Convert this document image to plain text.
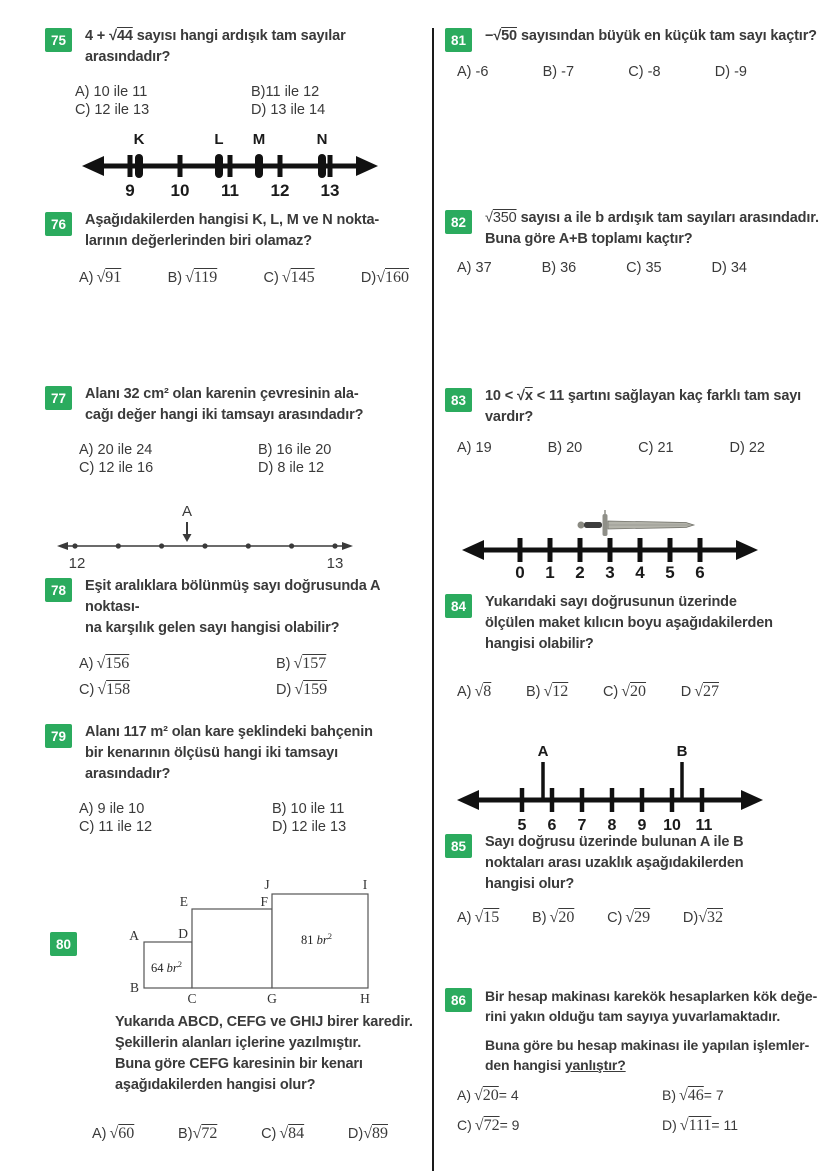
75	4 + √ 44 sayısı hangi ardışık tam sayılar arasındadır?
A) 10 ile 11	B)11 ile 12
C) 12 ile 13	D) 13 ile 14
K	L M	N
9 10 11 12 13
76	Aşağıdakilerden hangisi K, L, M ve N nokta-
larının değerlerinden biri olamaz?
A) √ 91	B) √ 119	C) √ 145	D) √ 160
77	Alanı 32 cm² olan karenin çevresinin ala-
cağı değer hangi iki tamsayı arasındadır?
A) 20 ile 24	B) 16 ile 20
C) 12 ile 16	D) 8 ile 12
A
12	13
78	Eşit aralıklara bölünmüş sayı doğrusunda A noktası-
na karşılık gelen sayı hangisi olabilir?
A) √ 156	B) √ 157
C) √ 158	D) √ 159
79	Alanı 117 m² olan kare şeklindeki bahçenin
bir kenarının ölçüsü hangi iki tamsayı
arasındadır?
A) 9 ile 10	B) 10 ile 11
C) 11 ile 12	D) 12 ile 13
A
B
C
D
E	F
G	H
I
J
64 $br^2$
81 $br^2$
80
Yukarıda ABCD, CEFG ve GHIJ birer karedir.
Şekillerin alanları içlerine yazılmıştır.
Buna göre CEFG karesinin bir kenarı
aşağıdakilerden hangisi olur?
A) √ 60	B) √ 72	C) √ 84	D) √ 89
81	− √ 50 sayısından büyük en küçük tam sayı kaçtır?
A) -6	B) -7	C) -8	D) -9
82	√ 350 sayısı a ile b ardışık tam sayıları arasındadır.
Buna göre A+B toplamı kaçtır?
A) 37	B) 36	C) 35	D) 34
83	10 < √ $\overline{x} < 11$ şartını sağlayan kaç farklı tam sayı
vardır?
A) 19	B) 20	C) 21	D) 22
0 1 2 3 4 5 6
84	Yukarıdaki sayı doğrusunun üzerinde
ölçülen maket kılıcın boyu aşağıdakilerden
hangisi olabilir?
A) √ 8 B) √ 12 C) √ 20 D √ 27
A	B
5 6 7 8 9 10 11
85	Sayı doğrusu üzerinde bulunan A ile B
noktaları arası uzaklık aşağıdakilerden
hangisi olur?
A) √ 15 B) √ 20 C) √ 29 D) √ 32
86	Bir hesap makinası karekök hesaplarken kök değe-
rini yakın olduğu tam sayıya yuvarlamaktadır.
Buna göre bu hesap makinası ile yapılan işlemler-
den hangisi yanlıştır?
A) √ 20= 4	B) √ 46= 7
C) √ 72= 9	D) √ 111= 11
